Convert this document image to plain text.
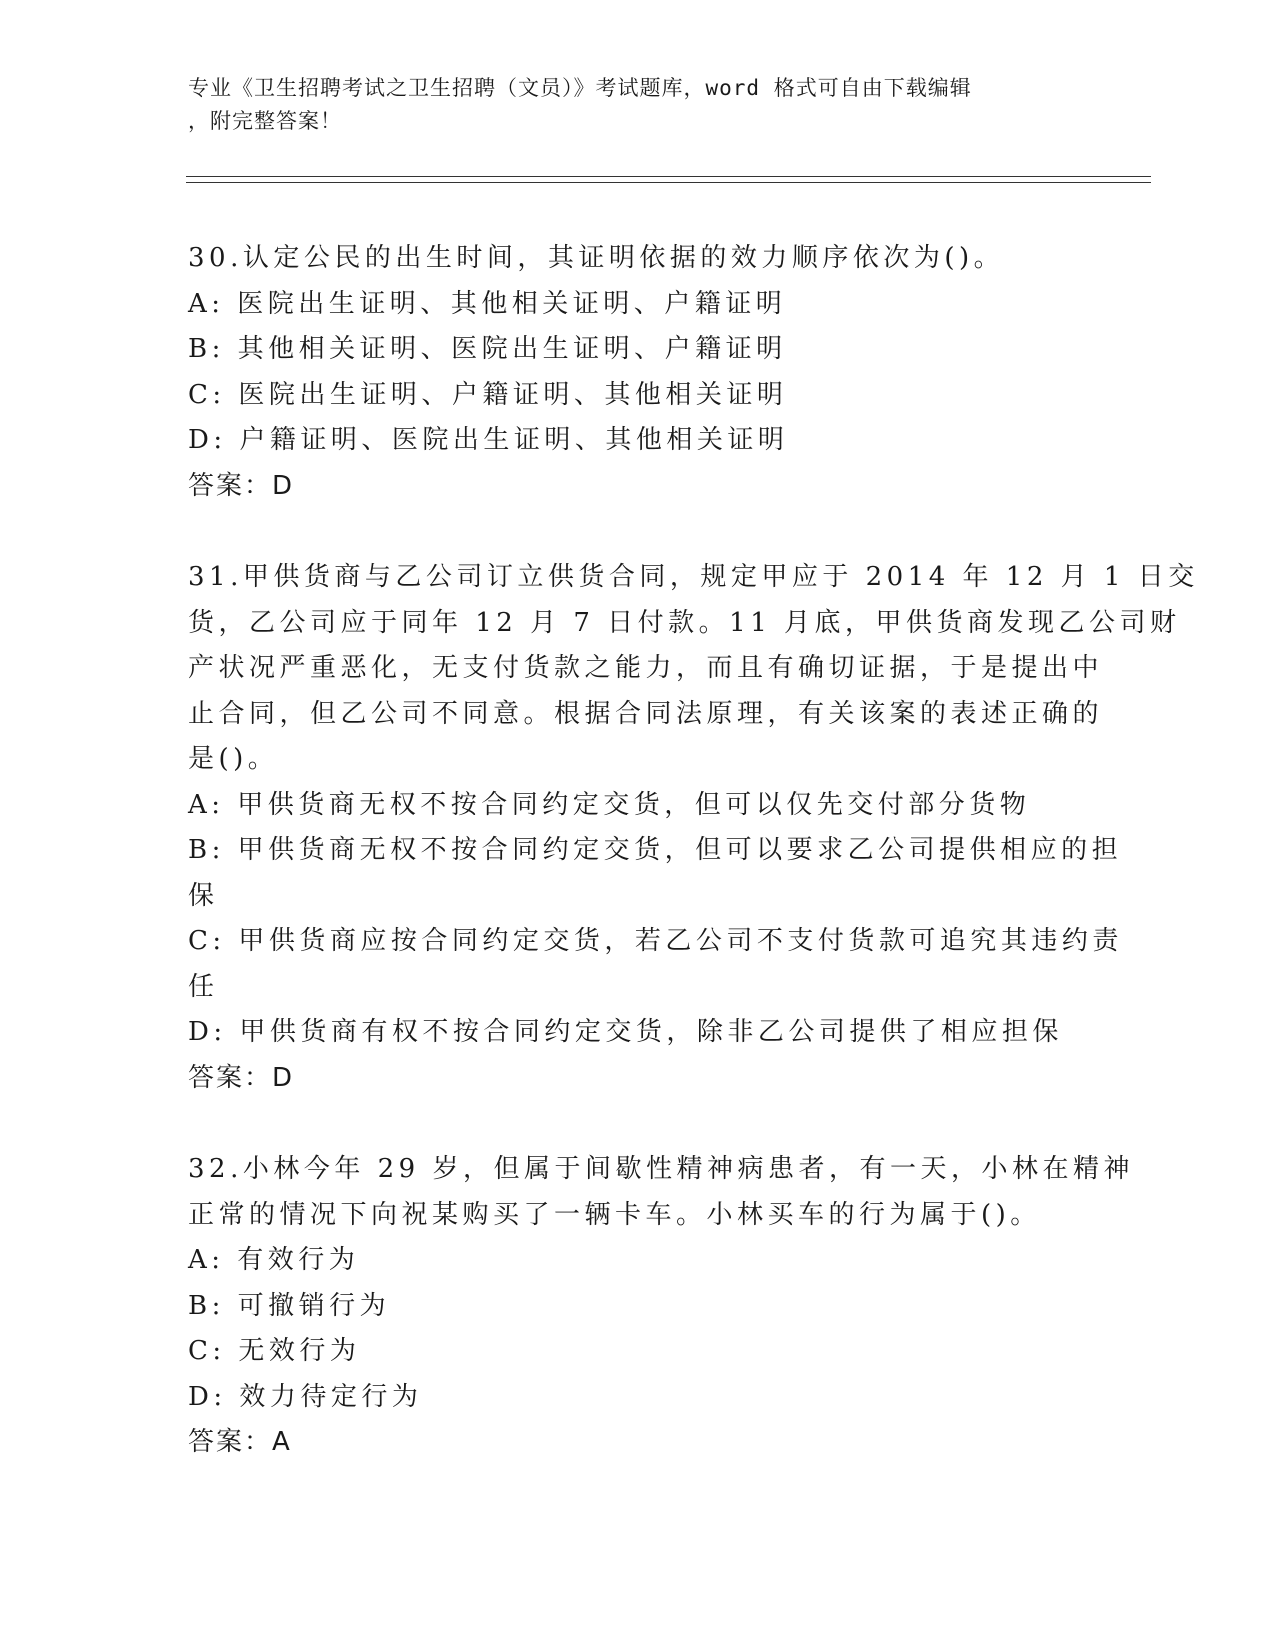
专业《卫生招聘考试之卫生招聘（文员）》考试题库，word 格式可自由下载编辑
，附完整答案！
30.认定公民的出生时间，其证明依据的效力顺序依次为()。
A: 医院出生证明、其他相关证明、户籍证明
B: 其他相关证明、医院出生证明、户籍证明
C: 医院出生证明、户籍证明、其他相关证明
D: 户籍证明、医院出生证明、其他相关证明
答案：D
31.甲供货商与乙公司订立供货合同，规定甲应于 2014 年 12 月 1 日交
货，乙公司应于同年 12 月 7 日付款。11 月底，甲供货商发现乙公司财
产状况严重恶化，无支付货款之能力，而且有确切证据，于是提出中
止合同，但乙公司不同意。根据合同法原理，有关该案的表述正确的
是()。
A: 甲供货商无权不按合同约定交货，但可以仅先交付部分货物
B: 甲供货商无权不按合同约定交货，但可以要求乙公司提供相应的担
保
C: 甲供货商应按合同约定交货，若乙公司不支付货款可追究其违约责
任
D: 甲供货商有权不按合同约定交货，除非乙公司提供了相应担保
答案：D
32.小林今年 29 岁，但属于间歇性精神病患者，有一天，小林在精神
正常的情况下向祝某购买了一辆卡车。小林买车的行为属于()。
A: 有效行为
B: 可撤销行为
C: 无效行为
D: 效力待定行为
答案：A
